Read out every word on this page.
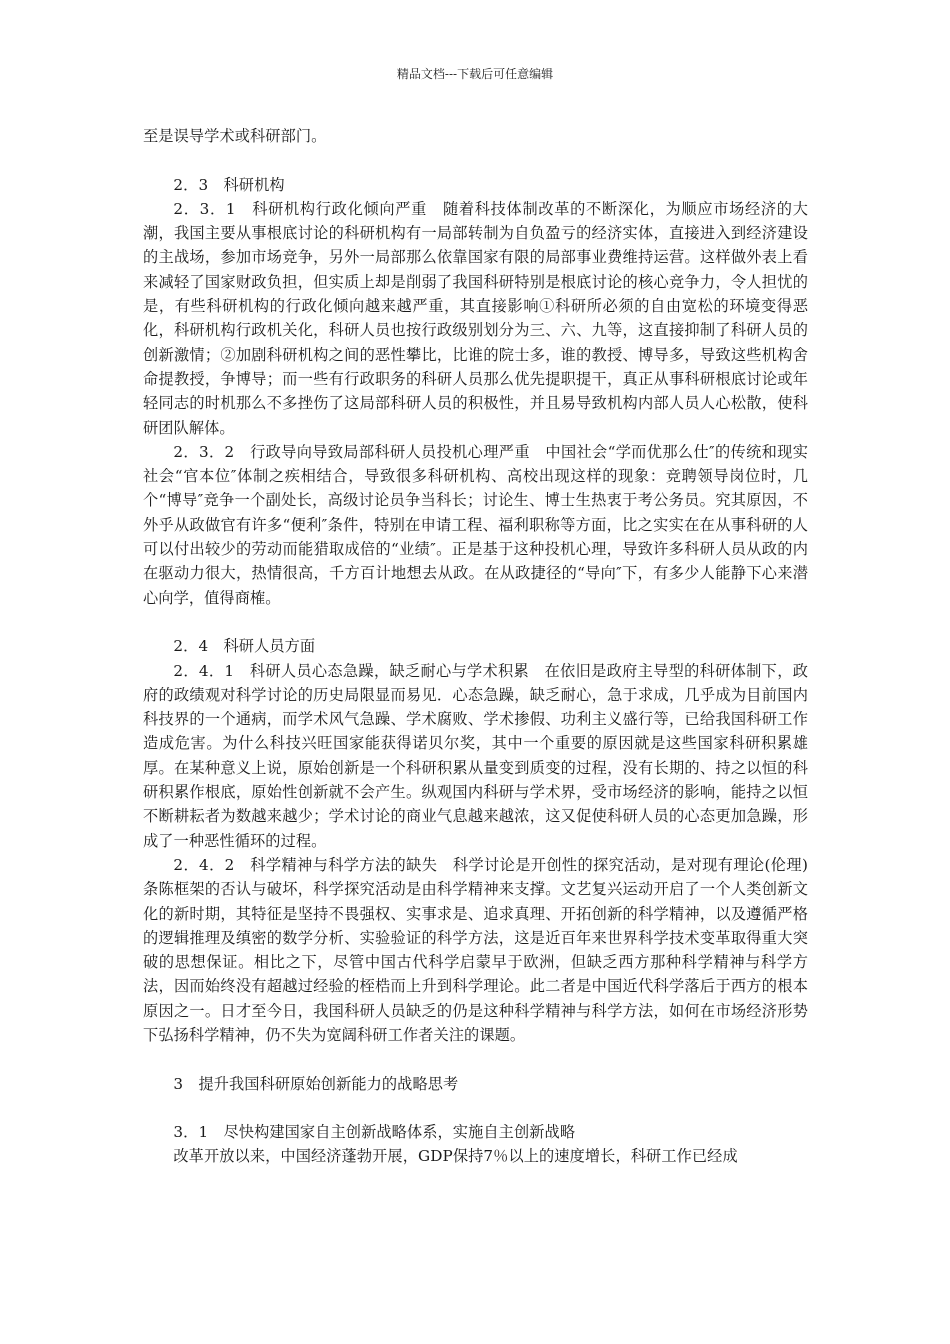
精品文档---下载后可任意编辑

至是误导学术或科研部门。

2．3　科研机构

2．3．1　科研机构行政化倾向严重　随着科技体制改革的不断深化，为顺应市场经济的大潮，我国主要从事根底讨论的科研机构有一局部转制为自负盈亏的经济实体，直接进入到经济建设的主战场，参加市场竞争，另外一局部那么依靠国家有限的局部事业费维持运营。这样做外表上看来减轻了国家财政负担，但实质上却是削弱了我国科研特别是根底讨论的核心竞争力，令人担忧的是，有些科研机构的行政化倾向越来越严重，其直接影响①科研所必须的自由宽松的环境变得恶化，科研机构行政机关化，科研人员也按行政级别划分为三、六、九等，这直接抑制了科研人员的创新激情；②加剧科研机构之间的恶性攀比，比谁的院士多，谁的教授、博导多，导致这些机构舍命提教授，争博导；而一些有行政职务的科研人员那么优先提职提干，真正从事科研根底讨论或年轻同志的时机那么不多挫伤了这局部科研人员的积极性，并且易导致机构内部人员人心松散，使科研团队解体。

2．3．2　行政导向导致局部科研人员投机心理严重　中国社会“学而优那么仕″的传统和现实社会“官本位″体制之疾相结合，导致很多科研机构、高校出现这样的现象：竞聘领导岗位时，几个“博导″竞争一个副处长，高级讨论员争当科长；讨论生、博士生热衷于考公务员。究其原因，不外乎从政做官有许多“便利″条件，特别在申请工程、福利职称等方面，比之实实在在从事科研的人可以付出较少的劳动而能猎取成倍的“业绩″。正是基于这种投机心理，导致许多科研人员从政的内在驱动力很大，热情很高，千方百计地想去从政。在从政捷径的“导向″下，有多少人能静下心来潜心向学，值得商榷。

2．4　科研人员方面

2．4．1　科研人员心态急躁，缺乏耐心与学术积累　在依旧是政府主导型的科研体制下，政府的政绩观对科学讨论的历史局限显而易见．心态急躁，缺乏耐心，急于求成，几乎成为目前国内科技界的一个通病，而学术风气急躁、学术腐败、学术掺假、功利主义盛行等，已给我国科研工作造成危害。为什么科技兴旺国家能获得诺贝尔奖，其中一个重要的原因就是这些国家科研积累雄厚。在某种意义上说，原始创新是一个科研积累从量变到质变的过程，没有长期的、持之以恒的科研积累作根底，原始性创新就不会产生。纵观国内科研与学术界，受市场经济的影响，能持之以恒不断耕耘者为数越来越少；学术讨论的商业气息越来越浓，这又促使科研人员的心态更加急躁，形成了一种恶性循环的过程。

2．4．2　科学精神与科学方法的缺失　科学讨论是开创性的探究活动，是对现有理论(伦理)条陈框架的否认与破坏，科学探究活动是由科学精神来支撑。文艺复兴运动开启了一个人类创新文化的新时期，其特征是坚持不畏强权、实事求是、追求真理、开拓创新的科学精神，以及遵循严格的逻辑推理及缜密的数学分析、实验验证的科学方法，这是近百年来世界科学技术变革取得重大突破的思想保证。相比之下，尽管中国古代科学启蒙早于欧洲，但缺乏西方那种科学精神与科学方法，因而始终没有超越过经验的桎梏而上升到科学理论。此二者是中国近代科学落后于西方的根本原因之一。日才至今日，我国科研人员缺乏的仍是这种科学精神与科学方法，如何在市场经济形势下弘扬科学精神，仍不失为宽阔科研工作者关注的课题。

3　提升我国科研原始创新能力的战略思考

3．1　尽快构建国家自主创新战略体系，实施自主创新战略

改革开放以来，中国经济蓬勃开展，GDP保持7％以上的速度增长，科研工作已经成
